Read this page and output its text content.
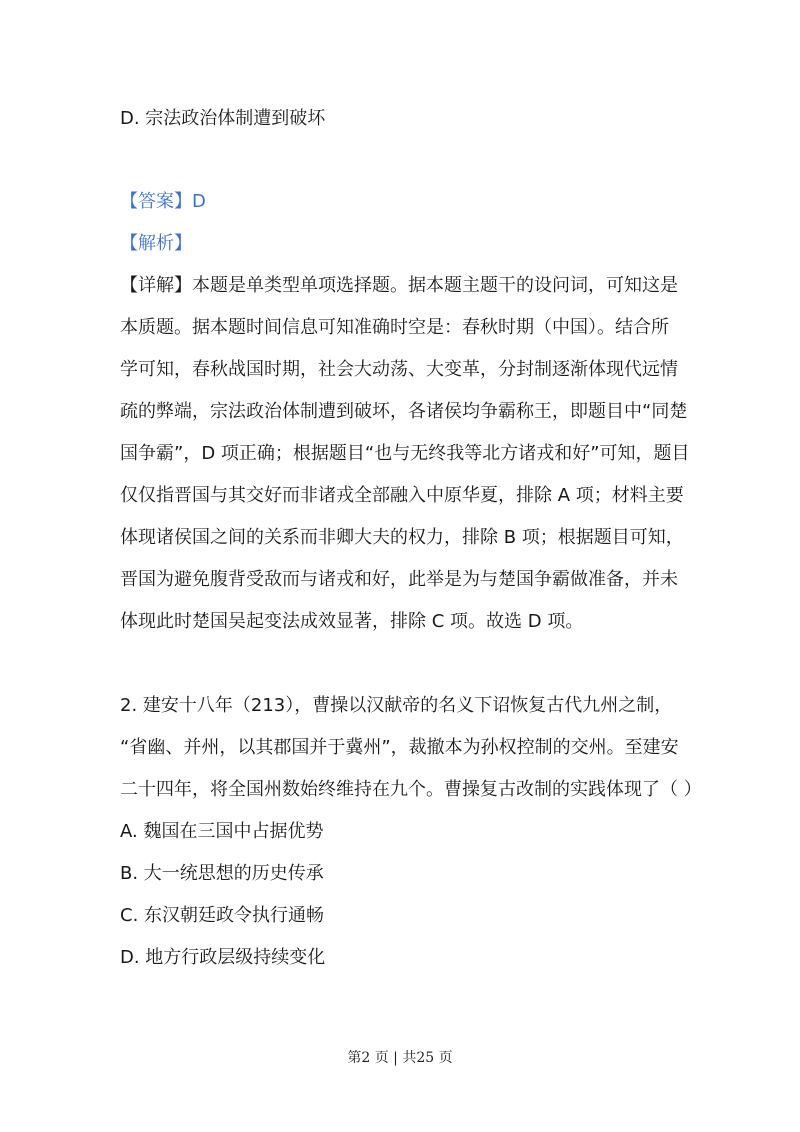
D. 宗法政治体制遭到破坏
【答案】D
【解析】
【详解】本题是单类型单项选择题。据本题主题干的设问词，可知这是
本质题。据本题时间信息可知准确时空是：春秋时期（中国）。结合所
学可知，春秋战国时期，社会大动荡、大变革，分封制逐渐体现代远情
疏的弊端，宗法政治体制遭到破坏，各诸侯均争霸称王，即题目中“同楚
国争霸”，D 项正确；根据题目“也与无终我等北方诸戎和好”可知，题目
仅仅指晋国与其交好而非诸戎全部融入中原华夏，排除 A 项；材料主要
体现诸侯国之间的关系而非卿大夫的权力，排除 B 项；根据题目可知，
晋国为避免腹背受敌而与诸戎和好，此举是为与楚国争霸做准备，并未
体现此时楚国吴起变法成效显著，排除 C 项。故选 D 项。
2. 建安十八年（213），曹操以汉献帝的名义下诏恢复古代九州之制，
“省幽、并州，以其郡国并于冀州”，裁撤本为孙权控制的交州。至建安
二十四年，将全国州数始终维持在九个。曹操复古改制的实践体现了（ ）
A. 魏国在三国中占据优势
B. 大一统思想的历史传承
C. 东汉朝廷政令执行通畅
D. 地方行政层级持续变化
第2 页 | 共25 页
